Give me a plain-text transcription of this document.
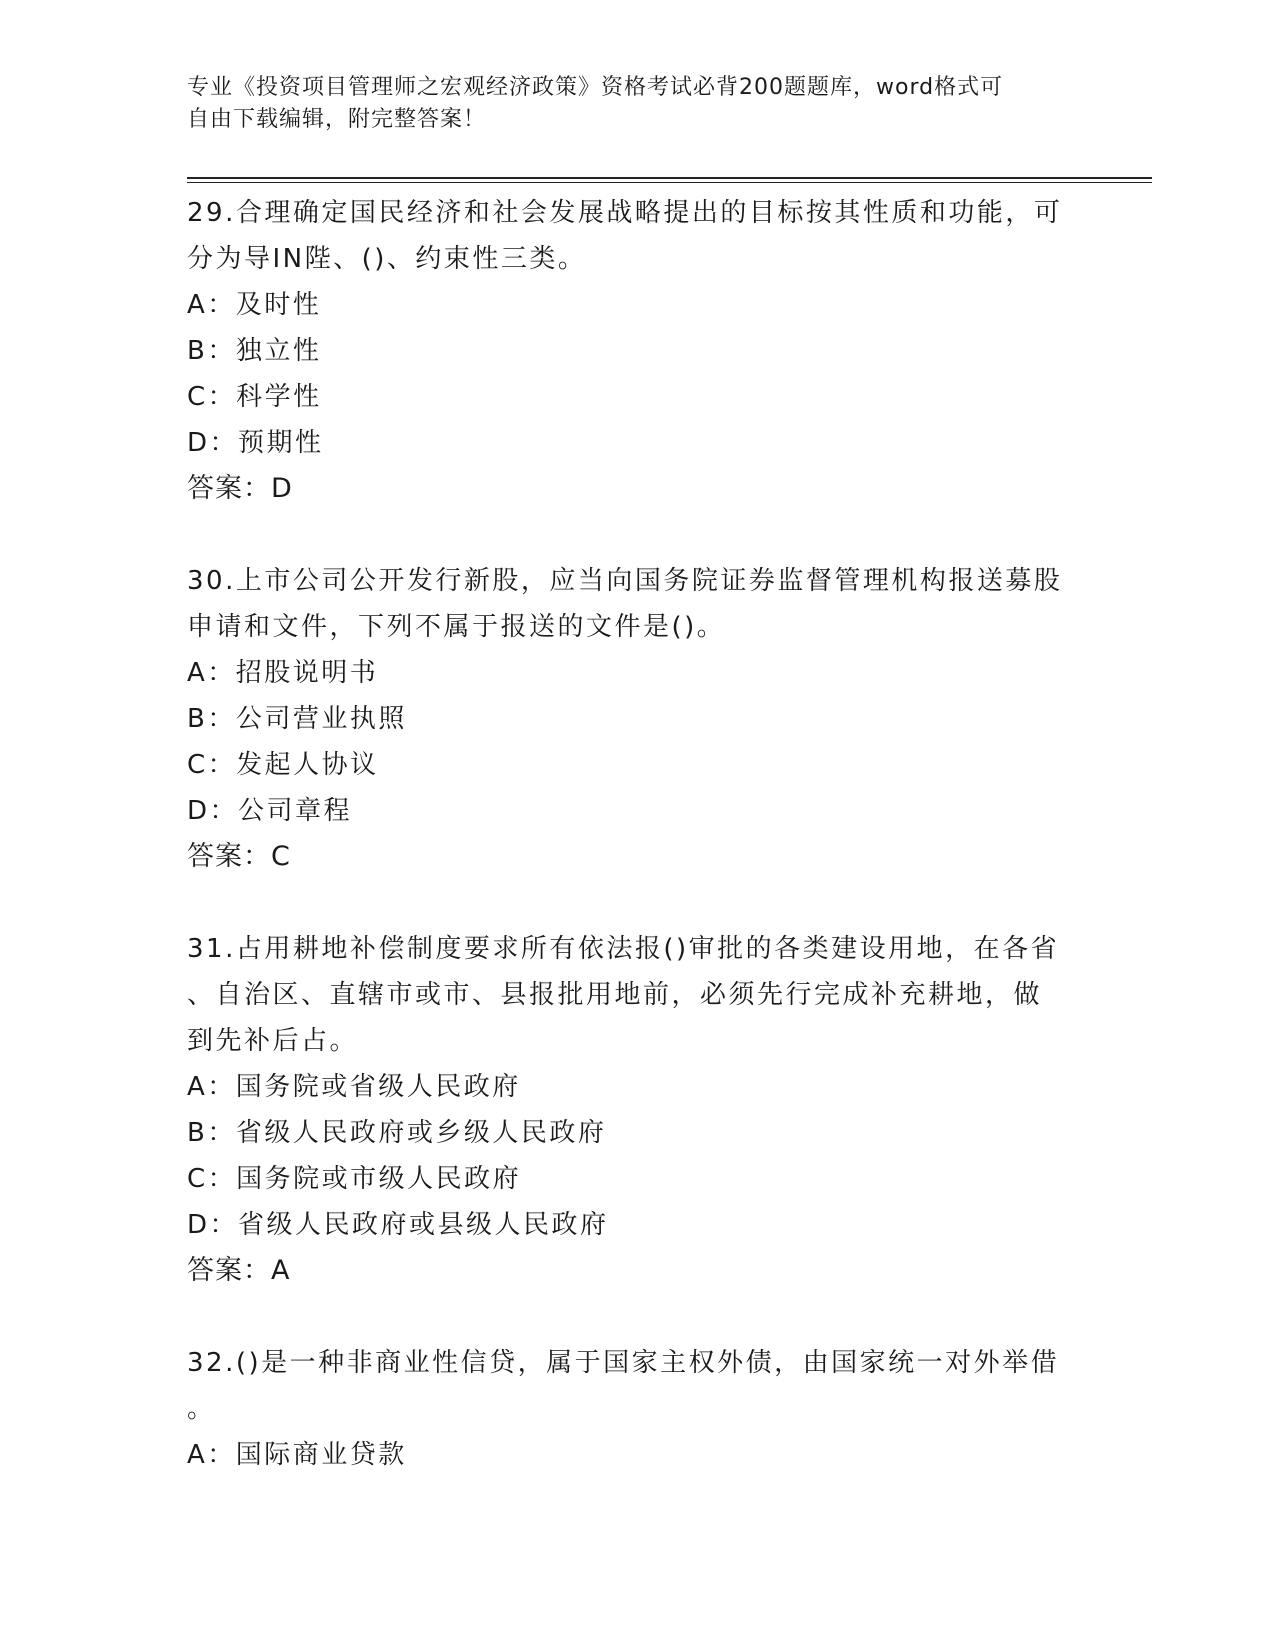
专业《投资项目管理师之宏观经济政策》资格考试必背200题题库，word格式可
自由下载编辑，附完整答案！
29.合理确定国民经济和社会发展战略提出的目标按其性质和功能，可
分为导IN陛、()、约束性三类。
A：及时性
B：独立性
C：科学性
D：预期性
答案：D
30.上市公司公开发行新股，应当向国务院证券监督管理机构报送募股
申请和文件，下列不属于报送的文件是()。
A：招股说明书
B：公司营业执照
C：发起人协议
D：公司章程
答案：C
31.占用耕地补偿制度要求所有依法报()审批的各类建设用地，在各省
、自治区、直辖市或市、县报批用地前，必须先行完成补充耕地，做
到先补后占。
A：国务院或省级人民政府
B：省级人民政府或乡级人民政府
C：国务院或市级人民政府
D：省级人民政府或县级人民政府
答案：A
32.()是一种非商业性信贷，属于国家主权外债，由国家统一对外举借
。
A：国际商业贷款
